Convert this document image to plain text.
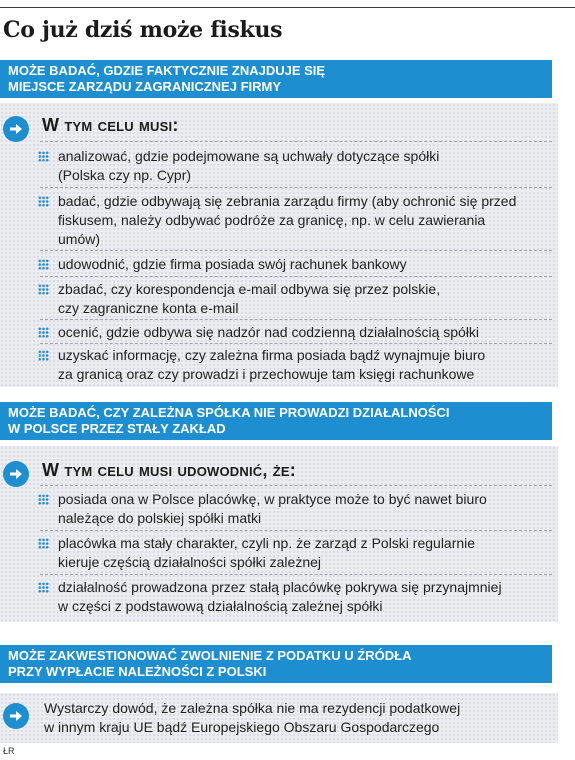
Co już dziś może fiskus
MOŻE BADAĆ, GDZIE FAKTYCZNIE ZNAJDUJE SIĘ
MIEJSCE ZARZĄDU ZAGRANICZNEJ FIRMY
W tym celu musi:
analizować, gdzie podejmowane są uchwały dotyczące spółki
(Polska czy np. Cypr)
badać, gdzie odbywają się zebrania zarządu firmy (aby ochronić się przed
fiskusem, należy odbywać podróże za granicę, np. w celu zawierania
umów)
udowodnić, gdzie firma posiada swój rachunek bankowy
zbadać, czy korespondencja e-mail odbywa się przez polskie,
czy zagraniczne konta e-mail
ocenić, gdzie odbywa się nadzór nad codzienną działalnością spółki
uzyskać informację, czy zależna firma posiada bądź wynajmuje biuro
za granicą oraz czy prowadzi i przechowuje tam księgi rachunkowe
MOŻE BADAĆ, CZY ZALEŻNA SPÓŁKA NIE PROWADZI DZIAŁALNOŚCI
W POLSCE PRZEZ STAŁY ZAKŁAD
W tym celu musi udowodnić, że:
posiada ona w Polsce placówkę, w praktyce może to być nawet biuro
należące do polskiej spółki matki
placówka ma stały charakter, czyli np. że zarząd z Polski regularnie
kieruje częścią działalności spółki zależnej
działalność prowadzona przez stałą placówkę pokrywa się przynajmniej
w części z podstawową działalnością zależnej spółki
MOŻE ZAKWESTIONOWAĆ ZWOLNIENIE Z PODATKU U ŹRÓDŁA
PRZY WYPŁACIE NALEŻNOŚCI Z POLSKI
Wystarczy dowód, że zależna spółka nie ma rezydencji podatkowej
w innym kraju UE bądź Europejskiego Obszaru Gospodarczego
ŁR
